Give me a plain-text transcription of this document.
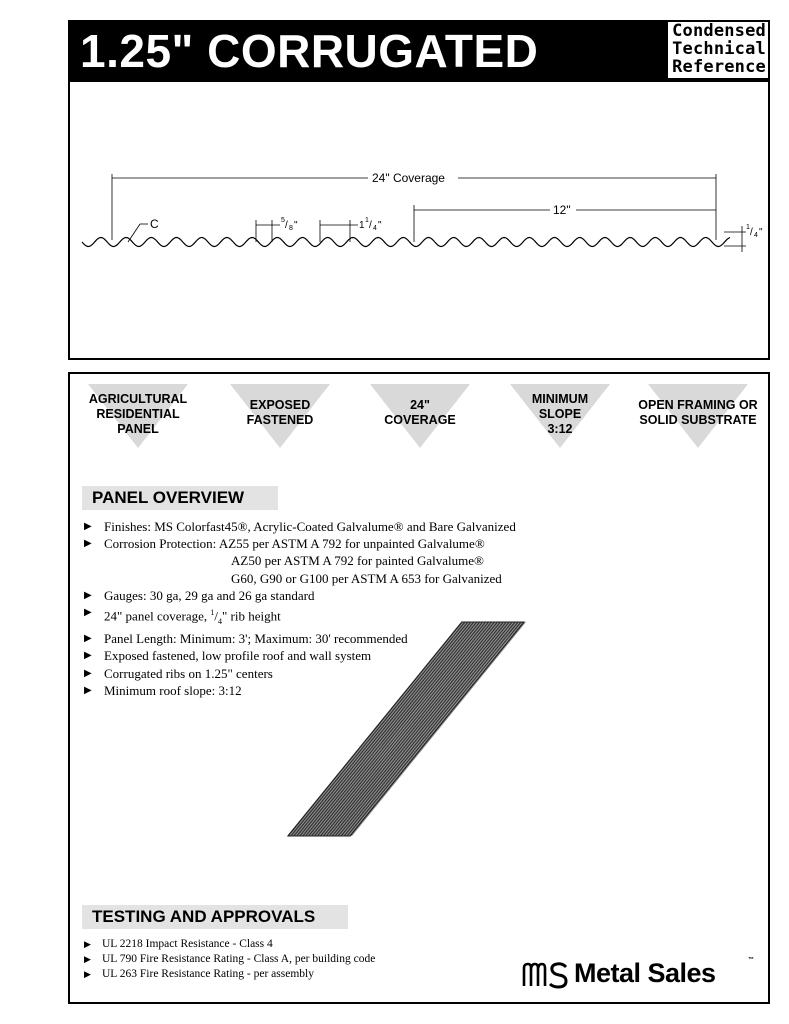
1.25" CORRUGATED	Condensed
Technical
Reference
24" Coverage
12"
C	5 / 8 "	1 1 / 4 "	1 / 4 "
AGRICULTURAL
RESIDENTIAL
PANEL
EXPOSED
FASTENED
24"
COVERAGE
MINIMUM
SLOPE
3:12
OPEN FRAMING OR
SOLID SUBSTRATE
PANEL OVERVIEW
▶ Finishes: MS Colorfast45®, Acrylic-Coated Galvalume® and Bare Galvanized
▶ Corrosion Protection: AZ55 per ASTM A 792 for unpainted Galvalume®
AZ50 per ASTM A 792 for painted Galvalume®
G60, G90 or G100 per ASTM A 653 for Galvanized
▶ Gauges: 30 ga, 29 ga and 26 ga standard
▶ 24" panel coverage, $^1/_4$" rib height
▶ Panel Length: Minimum: 3'; Maximum: 30' recommended
▶ Exposed fastened, low profile roof and wall system
▶ Corrugated ribs on 1.25" centers
▶ Minimum roof slope: 3:12
TESTING AND APPROVALS
▶ UL 2218 Impact Resistance - Class 4
▶ UL 790 Fire Resistance Rating - Class A, per building code
▶ UL 263 Fire Resistance Rating - per assembly	Metal Sales	™
